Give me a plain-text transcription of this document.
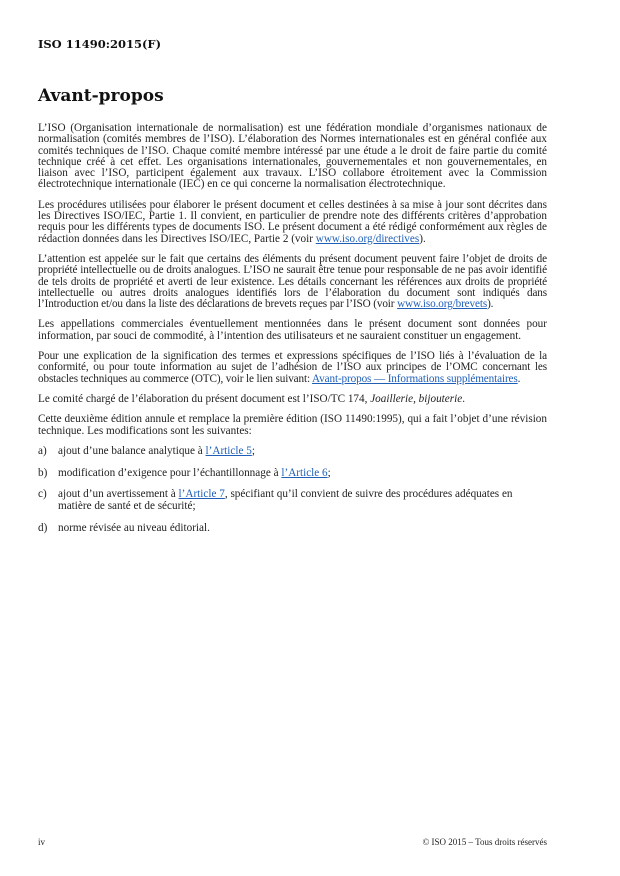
ISO 11490:2015(F)
Avant-propos

L’ISO (Organisation internationale de normalisation) est une fédération mondiale d’organismes nationaux de normalisation (comités membres de l’ISO). L’élaboration des Normes internationales est en général confiée aux comités techniques de l’ISO. Chaque comité membre intéressé par une étude a le droit de faire partie du comité technique créé à cet effet. Les organisations internationales, gouvernementales et non gouvernementales, en liaison avec l’ISO, participent également aux travaux. L’ISO collabore étroitement avec la Commission électrotechnique internationale (IEC) en ce qui concerne la normalisation électrotechnique.

Les procédures utilisées pour élaborer le présent document et celles destinées à sa mise à jour sont décrites dans les Directives ISO/IEC, Partie 1. Il convient, en particulier de prendre note des différents critères d’approbation requis pour les différents types de documents ISO. Le présent document a été rédigé conformément aux règles de rédaction données dans les Directives ISO/IEC, Partie 2 (voir www.iso.org/directives).

L’attention est appelée sur le fait que certains des éléments du présent document peuvent faire l’objet de droits de propriété intellectuelle ou de droits analogues. L’ISO ne saurait être tenue pour responsable de ne pas avoir identifié de tels droits de propriété et averti de leur existence. Les détails concernant les références aux droits de propriété intellectuelle ou autres droits analogues identifiés lors de l’élaboration du document sont indiqués dans l’Introduction et/ou dans la liste des déclarations de brevets reçues par l’ISO (voir www.iso.org/brevets).

Les appellations commerciales éventuellement mentionnées dans le présent document sont données pour information, par souci de commodité, à l’intention des utilisateurs et ne sauraient constituer un engagement.

Pour une explication de la signification des termes et expressions spécifiques de l’ISO liés à l’évaluation de la conformité, ou pour toute information au sujet de l’adhésion de l’ISO aux principes de l’OMC concernant les obstacles techniques au commerce (OTC), voir le lien suivant: Avant-propos — Informations supplémentaires.

Le comité chargé de l’élaboration du présent document est l’ISO/TC 174, Joaillerie, bijouterie.

Cette deuxième édition annule et remplace la première édition (ISO 11490:1995), qui a fait l’objet d’une révision technique. Les modifications sont les suivantes:

a)	ajout d’une balance analytique à l’Article 5;
b) modification d’exigence pour l’échantillonnage à l’Article 6;
c)	ajout d’un avertissement à l’Article 7, spécifiant qu’il convient de suivre des procédures adéquates en matière de santé et de sécurité;
d) norme révisée au niveau éditorial.
iv	© ISO 2015 – Tous droits réservés
